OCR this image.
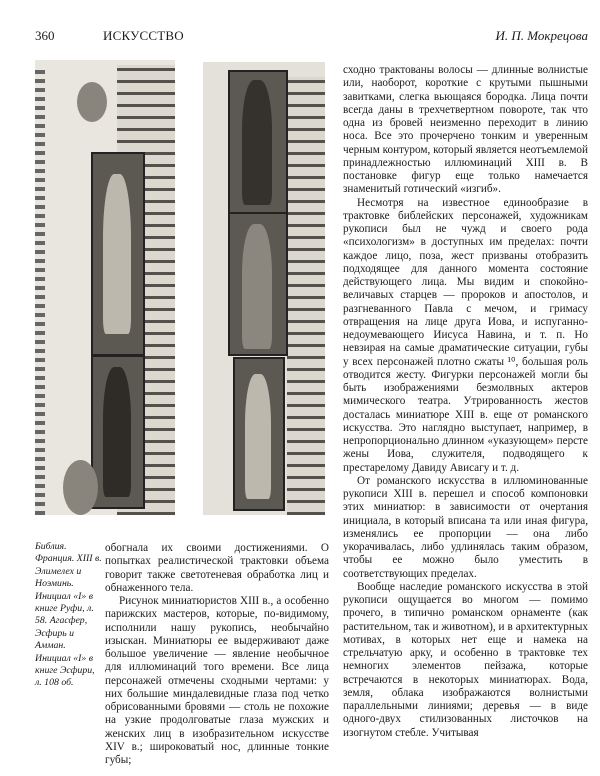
360	ИСКУССТВО	И. П. Мокрецова
Библия. Франция. XIII в. Элимелех и Ноэминь. Инициал «I» в книге Руфи, л. 58. Агасфер, Эсфирь и Амман. Инициал «I» в книге Эсфири, л. 108 об.

сходно трактованы волосы — длинные волнистые или, наоборот, короткие с крутыми пышными завитками, слегка вьющаяся бородка. Лица почти всегда даны в трехчетвертном повороте, так что одна из бровей неизменно переходит в линию носа. Все это прочерчено тонким и уверенным черным контуром, который является неотъемлемой принадлежностью иллюминаций XIII в. В постановке фигур еще только намечается знаменитый готический «изгиб».

Несмотря на известное единообразие в трактовке библейских персонажей, художникам рукописи был не чужд и своего рода «психологизм» в доступных им пределах: почти каждое лицо, поза, жест призваны отобразить подходящее для данного момента состояние действующего лица. Мы видим и спокойно-величавых старцев — пророков и апостолов, и разгневанного Павла с мечом, и гримасу отвращения на лице друга Иова, и испуганно-недоумевающего Иисуса Навина, и т. п. Но невзирая на самые драматические ситуации, губы у всех персонажей плотно сжаты ¹⁰, большая роль отводится жесту. Фигурки персонажей могли бы быть изображениями безмолвных актеров мимического театра. Утрированность жестов досталась миниатюре XIII в. еще от романского искусства. Это наглядно выступает, например, в непропорционально длинном «указующем» персте жены Иова, служителя, подводящего к престарелому Давиду Ависагу и т. д.

От романского искусства в иллюминованные рукописи XIII в. перешел и способ компоновки этих миниатюр: в зависимости от очертания инициала, в который вписана та или иная фигура, изменялись ее пропорции — она либо укорачивалась, либо удлинялась таким образом, чтобы ее можно было уместить в соответствующих пределах.

Вообще наследие романского искусства в этой рукописи ощущается во многом — помимо прочего, в типично романском орнаменте (как растительном, так и животном), и в архитектурных мотивах, в которых нет еще и намека на стрельчатую арку, и особенно в трактовке тех немногих элементов пейзажа, которые встречаются в некоторых миниатюрах. Вода, земля, облака изображаются волнистыми параллельными линиями; деревья — в виде одного-двух стилизованных листочков на изогнутом стебле. Учитывая

обогнала их своими достижениями. О попытках реалистической трактовки объема говорит также светотеневая обработка лиц и обнаженного тела.

Рисунок миниатюристов XIII в., а особенно парижских мастеров, которые, по-видимому, исполнили нашу рукопись, необычайно изыскан. Миниатюры ее выдерживают даже большое увеличение — явление необычное для иллюминаций того времени. Все лица персонажей отмечены сходными чертами: у них большие миндалевидные глаза под четко обрисованными бровями — столь не похожие на узкие продолговатые глаза мужских и женских лиц в изобразительном искусстве XIV в.; широковатый нос, длинные тонкие губы;
